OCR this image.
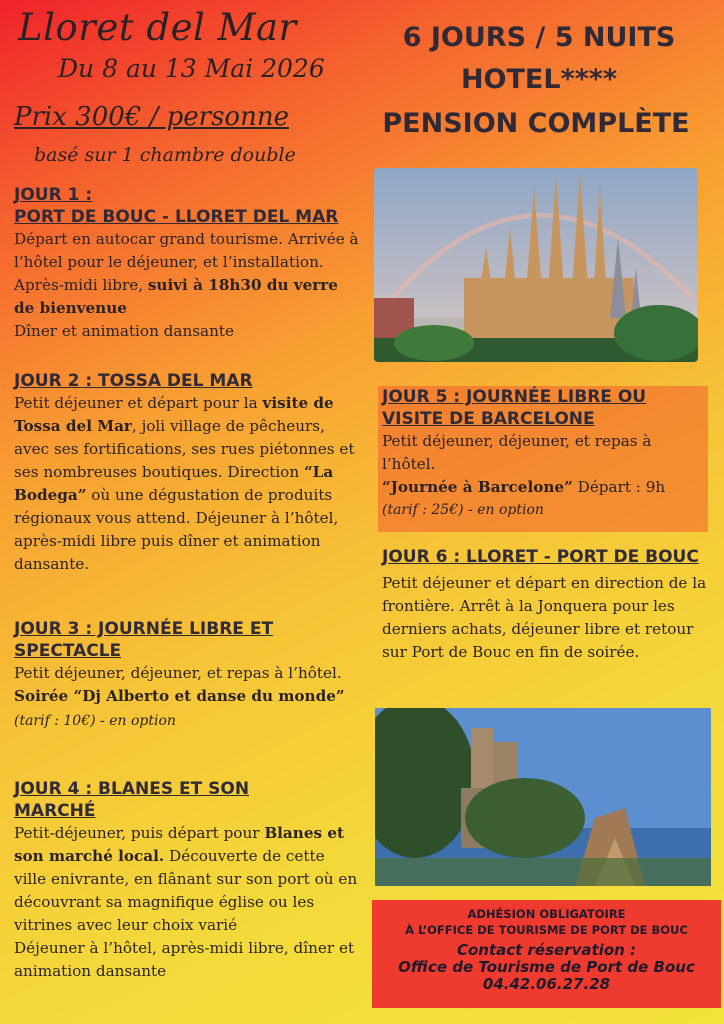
Lloret del Mar
Du 8 au 13 Mai 2026
Prix 300€ / personne
basé sur 1 chambre double
6 JOURS / 5 NUITS
HOTEL****
PENSION COMPLÈTE
JOUR 1 :
PORT DE BOUC - LLORET DEL MAR
Départ en autocar grand tourisme. Arrivée à l’hôtel pour le déjeuner, et l’installation. Après-midi libre, suivi à 18h30 du verre de bienvenue
Dîner et animation dansante
JOUR 2 : TOSSA DEL MAR
Petit déjeuner et départ pour la visite de Tossa del Mar, joli village de pêcheurs, avec ses fortifications, ses rues piétonnes et ses nombreuses boutiques. Direction “La Bodega” où une dégustation de produits régionaux vous attend. Déjeuner à l’hôtel, après-midi libre puis dîner et animation dansante.
JOUR 3 : JOURNÉE LIBRE ET
SPECTACLE
Petit déjeuner, déjeuner, et repas à l’hôtel.
Soirée “Dj Alberto et danse du monde” (tarif : 10€) - en option
JOUR 4 : BLANES ET SON
MARCHÉ
Petit-déjeuner, puis départ pour Blanes et son marché local. Découverte de cette ville enivrante, en flânant sur son port où en découvrant sa magnifique église ou les vitrines avec leur choix varié
Déjeuner à l’hôtel, après-midi libre, dîner et animation dansante
JOUR 5 : JOURNÉE LIBRE OU
VISITE DE BARCELONE
Petit déjeuner, déjeuner, et repas à l’hôtel.
“Journée à Barcelone” Départ : 9h
(tarif : 25€) - en option
JOUR 6 : LLORET - PORT DE BOUC
Petit déjeuner et départ en direction de la frontière. Arrêt à la Jonquera pour les derniers achats, déjeuner libre et retour sur Port de Bouc en fin de soirée.
ADHÉSION OBLIGATOIRE
À L’OFFICE DE TOURISME DE PORT DE BOUC
Contact réservation :
Office de Tourisme de Port de Bouc
04.42.06.27.28
